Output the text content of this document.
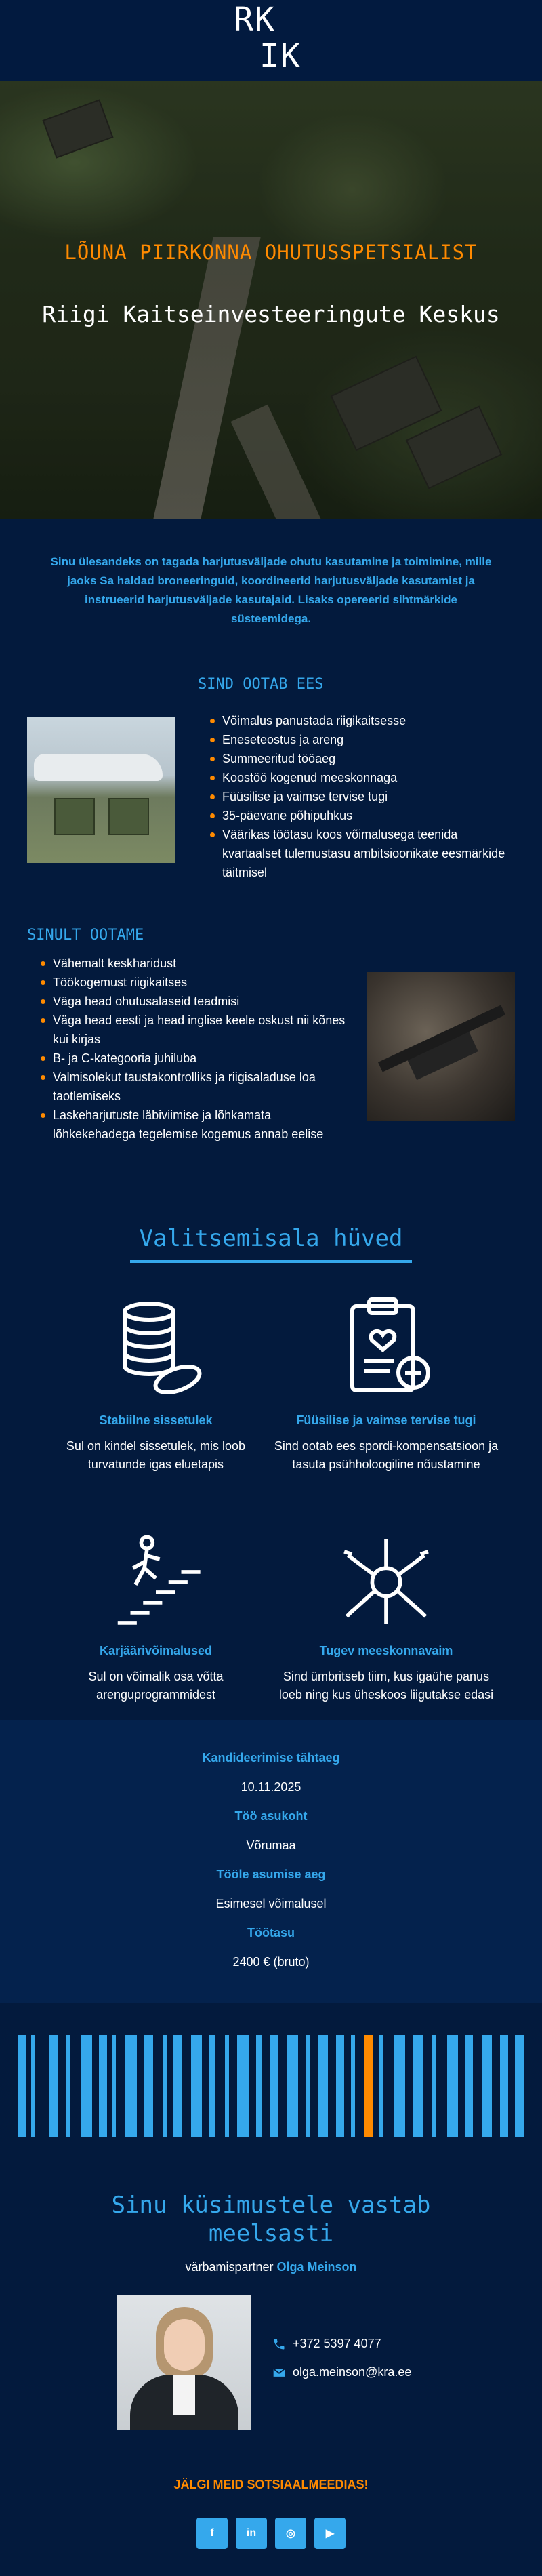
RK
IK
LÕUNA PIIRKONNA OHUTUSSPETSIALIST
Riigi Kaitseinvesteeringute Keskus
Sinu ülesandeks on tagada harjutusväljade ohutu kasutamine ja toimimine, mille jaoks Sa haldad broneeringuid, koordineerid harjutusväljade kasutamist ja instrueerid harjutusväljade kasutajaid. Lisaks opereerid sihtmärkide süsteemidega.
SIND OOTAB EES
Võimalus panustada riigikaitsesse
Eneseteostus ja areng
Summeeritud tööaeg
Koostöö kogenud meeskonnaga
Füüsilise ja vaimse tervise tugi
35-päevane põhipuhkus
Väärikas töötasu koos võimalusega teenida kvartaalset tulemustasu ambitsioonikate eesmärkide täitmisel
SINULT OOTAME
Vähemalt keskharidust
Töökogemust riigikaitses
Väga head ohutusalaseid teadmisi
Väga head eesti ja head inglise keele oskust nii kõnes kui kirjas
B- ja C-kategooria juhiluba
Valmisolekut taustakontrolliks ja riigisaladuse loa taotlemiseks
Laskeharjutuste läbiviimise ja lõhkamata lõhkekehadega tegelemise kogemus annab eelise
Valitsemisala hüved
Stabiilne sissetulek

Sul on kindel sissetulek, mis loob turvatunde igas eluetapis

Füüsilise ja vaimse tervise tugi

Sind ootab ees spordi-kompensatsioon ja tasuta psühholoogiline nõustamine

Karjäärivõimalused

Sul on võimalik osa võtta arenguprogrammidest

Tugev meeskonnavaim

Sind ümbritseb tiim, kus igaühe panus loeb ning kus üheskoos liigutakse edasi

Kandideerimise tähtaeg
10.11.2025
Töö asukoht
Võrumaa
Tööle asumise aeg
Esimesel võimalusel
Töötasu
2400 € (bruto)
Sinu küsimustele vastab meelsasti
värbamispartner Olga Meinson
+372 5397 4077
olga.meinson@kra.ee
JÄLGI MEID SOTSIAALMEEDIAS!
f	in	◎	▶
